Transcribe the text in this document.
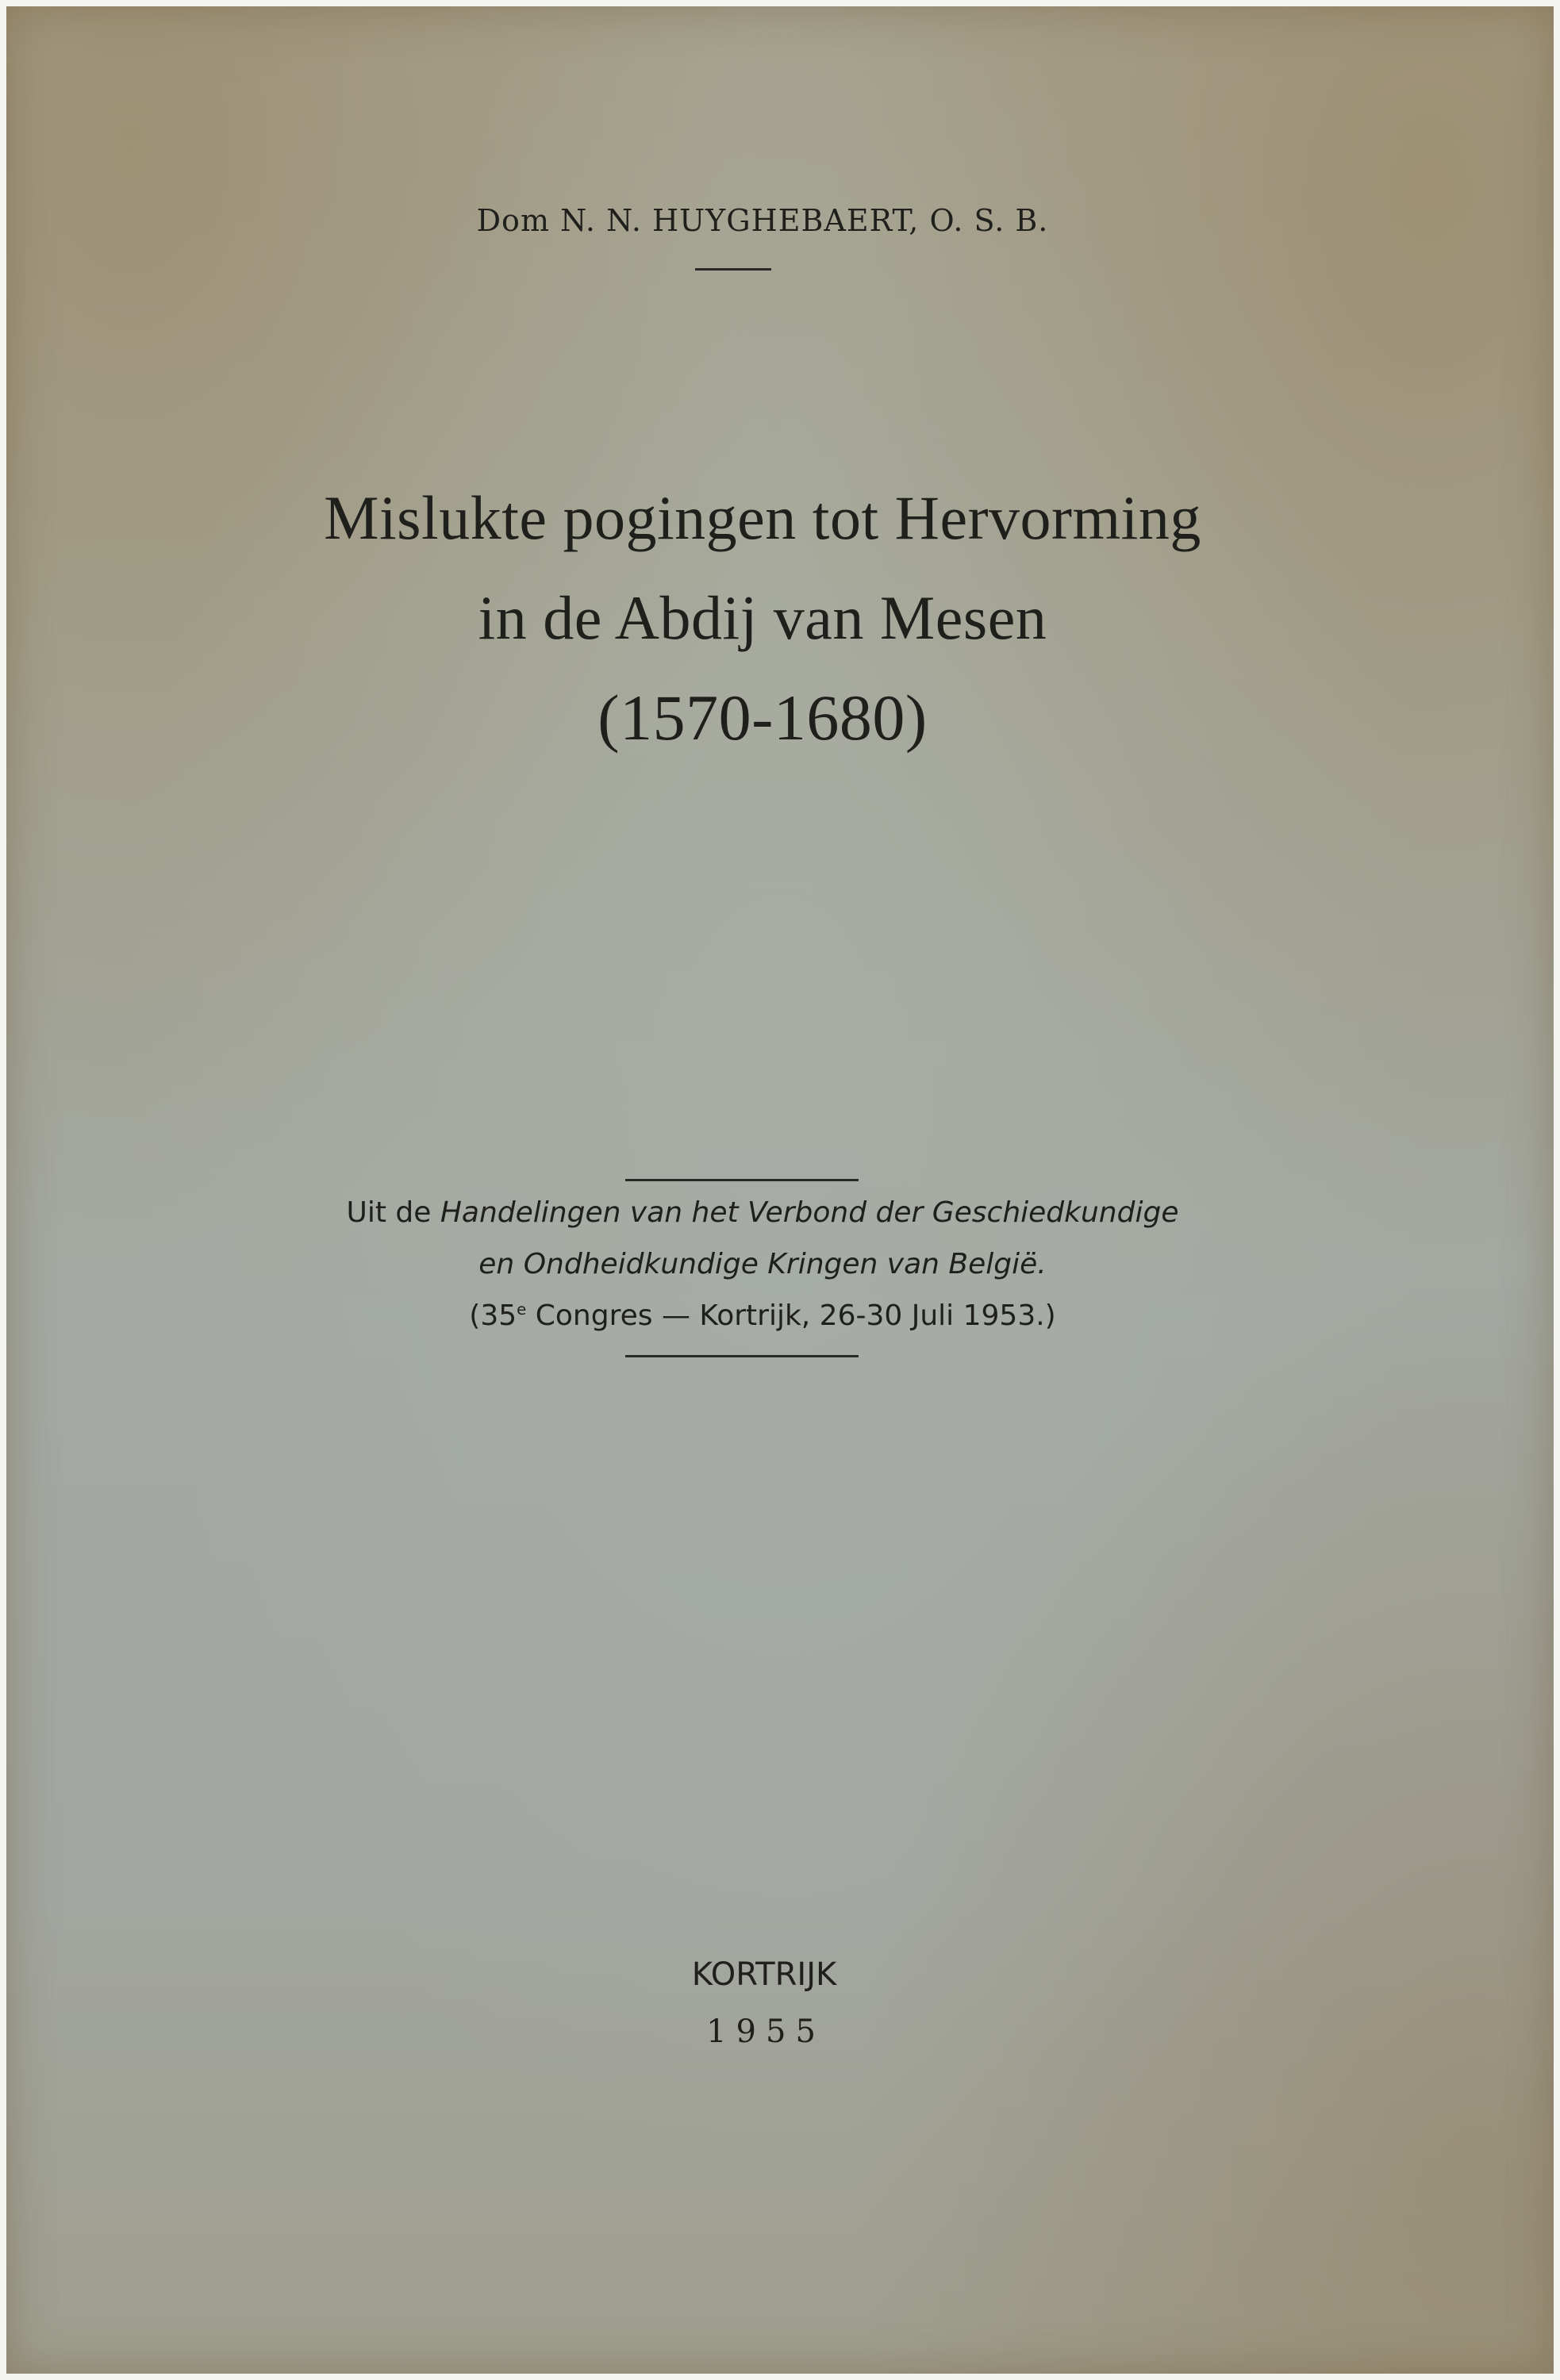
Dom N. N. HUYGHEBAERT, O. S. B.
Mislukte pogingen tot Hervorming
in de Abdij van Mesen
(1570-1680)
Uit de Handelingen van het Verbond der Geschiedkundige
en Ondheidkundige Kringen van België.
(35e Congres — Kortrijk, 26-30 Juli 1953.)
KORTRIJK
1955
